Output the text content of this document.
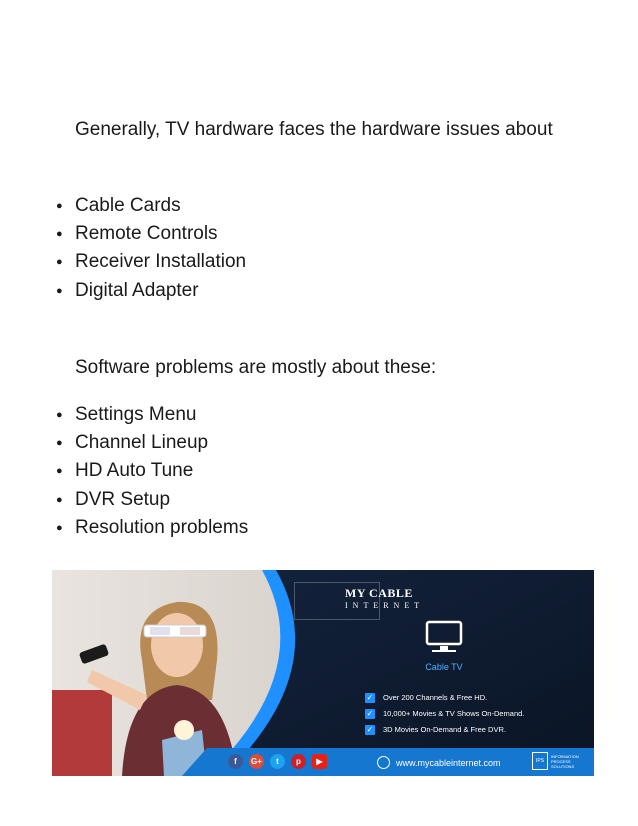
Generally, TV hardware faces the hardware issues about

● Cable Cards
● Remote Controls
● Receiver Installation
● Digital Adapter

Software problems are mostly about these:

● Settings Menu
● Channel Lineup
● HD Auto Tune
● DVR Setup
● Resolution problems
MY CABLE
INTERNET
Cable TV
✓ Over 200 Channels & Free HD.
✓ 10,000+ Movies & TV Shows On-Demand.
✓ 3D Movies On-Demand & Free DVR.
f	G+	t	p	▶	www.mycableinternet.com	IPS
INFORMATION PROCESS SOLUTIONS
